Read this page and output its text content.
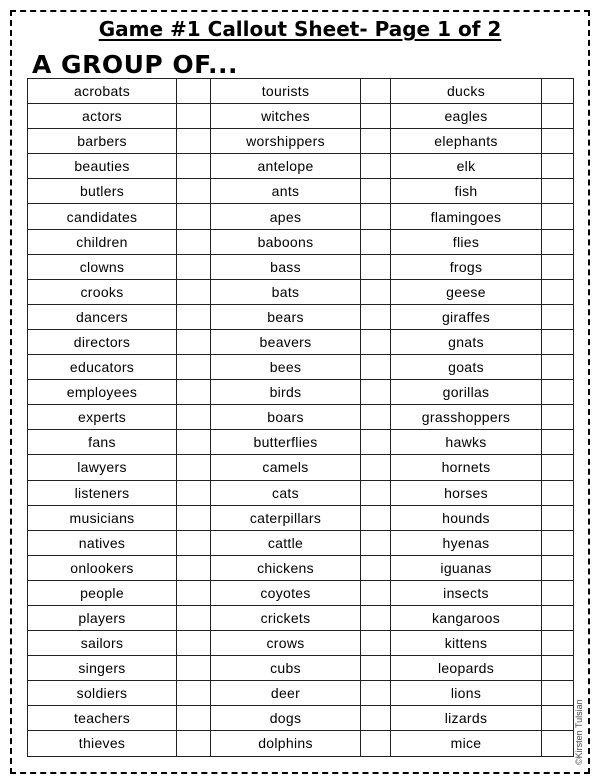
Game #1 Callout Sheet- Page 1 of 2
A GROUP OF...
acrobats		tourists		ducks	
actors		witches		eagles	
barbers		worshippers		elephants	
beauties		antelope		elk	
butlers		ants		fish	
candidates		apes		flamingoes	
children		baboons		flies	
clowns		bass		frogs	
crooks		bats		geese	
dancers		bears		giraffes	
directors		beavers		gnats	
educators		bees		goats	
employees		birds		gorillas	
experts		boars		grasshoppers	
fans		butterflies		hawks	
lawyers		camels		hornets	
listeners		cats		horses	
musicians		caterpillars		hounds	
natives		cattle		hyenas	
onlookers		chickens		iguanas	
people		coyotes		insects	
players		crickets		kangaroos	
sailors		crows		kittens	
singers		cubs		leopards	
soldiers		deer		lions	
teachers		dogs		lizards	
thieves		dolphins		mice		©Kirsten Tulsian
